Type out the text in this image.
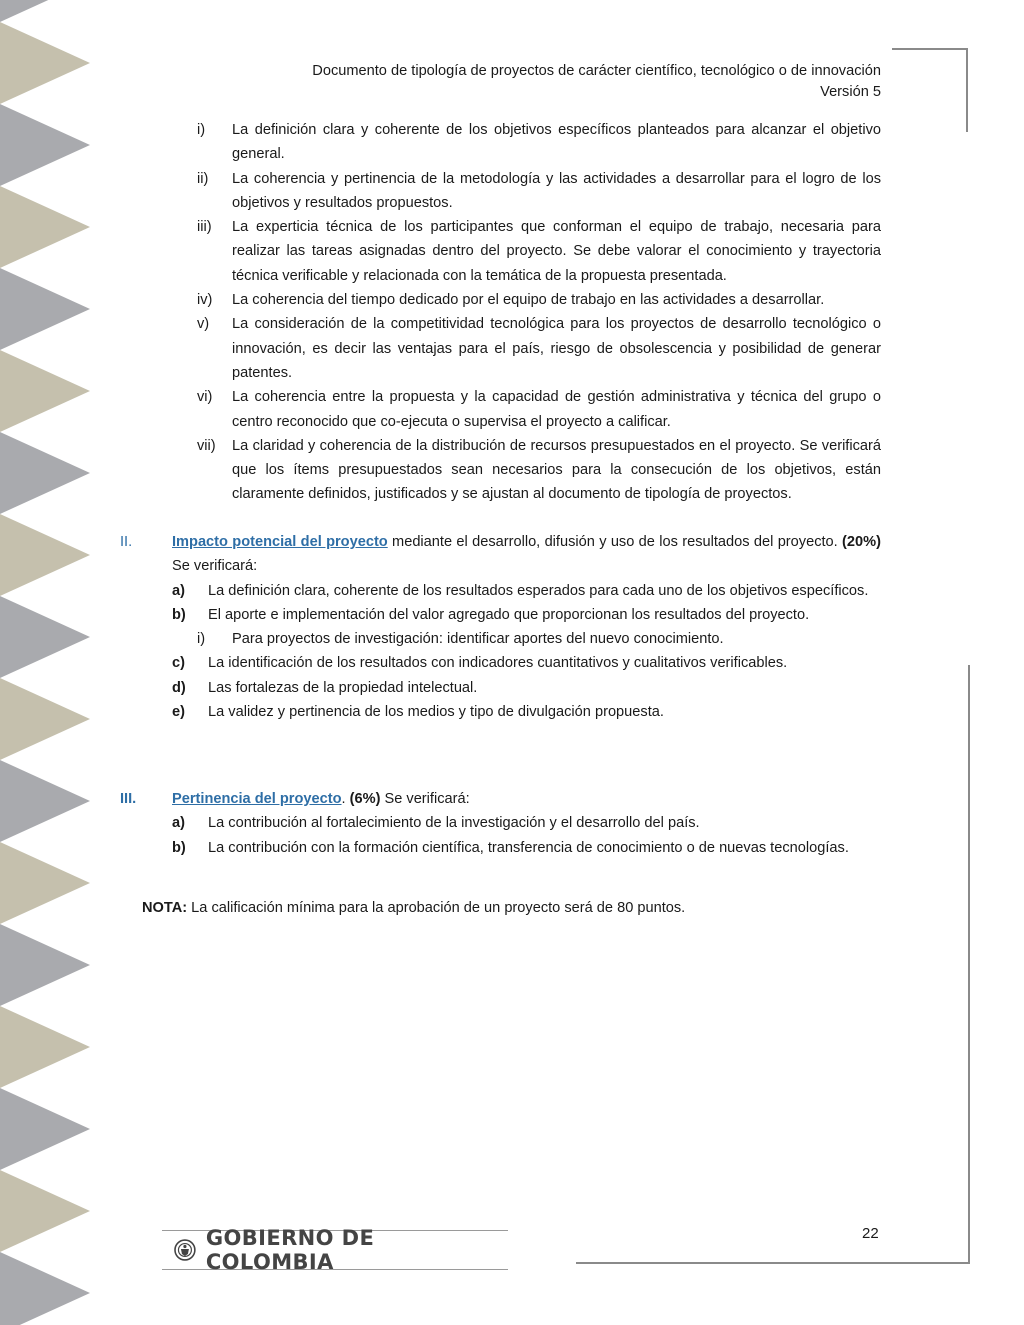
Documento de tipología de proyectos de carácter científico, tecnológico o de innovación
Versión 5
i)	La definición clara y coherente de los objetivos específicos planteados para alcanzar el objetivo general.
ii)	La coherencia y pertinencia de la metodología y las actividades a desarrollar para el logro de los objetivos y resultados propuestos.
iii)	La experticia técnica de los participantes que conforman el equipo de trabajo, necesaria para realizar las tareas asignadas dentro del proyecto. Se debe valorar el conocimiento y trayectoria técnica verificable y relacionada con la temática de la propuesta presentada.
iv)	La coherencia del tiempo dedicado por el equipo de trabajo en las actividades a desarrollar.
v)	La consideración de la competitividad tecnológica para los proyectos de desarrollo tecnológico o innovación, es decir las ventajas para el país, riesgo de obsolescencia y posibilidad de generar patentes.
vi)	La coherencia entre la propuesta y la capacidad de gestión administrativa y técnica del grupo o centro reconocido que co-ejecuta o supervisa el proyecto a calificar.
vii)	La claridad y coherencia de la distribución de recursos presupuestados en el proyecto. Se verificará que los ítems presupuestados sean necesarios para la consecución de los objetivos, están claramente definidos, justificados y se ajustan al documento de tipología de proyectos.
II.	Impacto potencial del proyecto mediante el desarrollo, difusión y uso de los resultados del proyecto. (20%) Se verificará:
a)	La definición clara, coherente de los resultados esperados para cada uno de los objetivos específicos.
b)	El aporte e implementación del valor agregado que proporcionan los resultados del proyecto.
i)	Para proyectos de investigación: identificar aportes del nuevo conocimiento.
c)	La identificación de los resultados con indicadores cuantitativos y cualitativos verificables.
d)	Las fortalezas de la propiedad intelectual.
e)	La validez y pertinencia de los medios y tipo de divulgación propuesta.
III.	Pertinencia del proyecto. (6%) Se verificará:
a)	La contribución al fortalecimiento de la investigación y el desarrollo del país.
b)	La contribución con la formación científica, transferencia de conocimiento o de nuevas tecnologías.
NOTA: La calificación mínima para la aprobación de un proyecto será de 80 puntos.
22
GOBIERNO DE COLOMBIA
